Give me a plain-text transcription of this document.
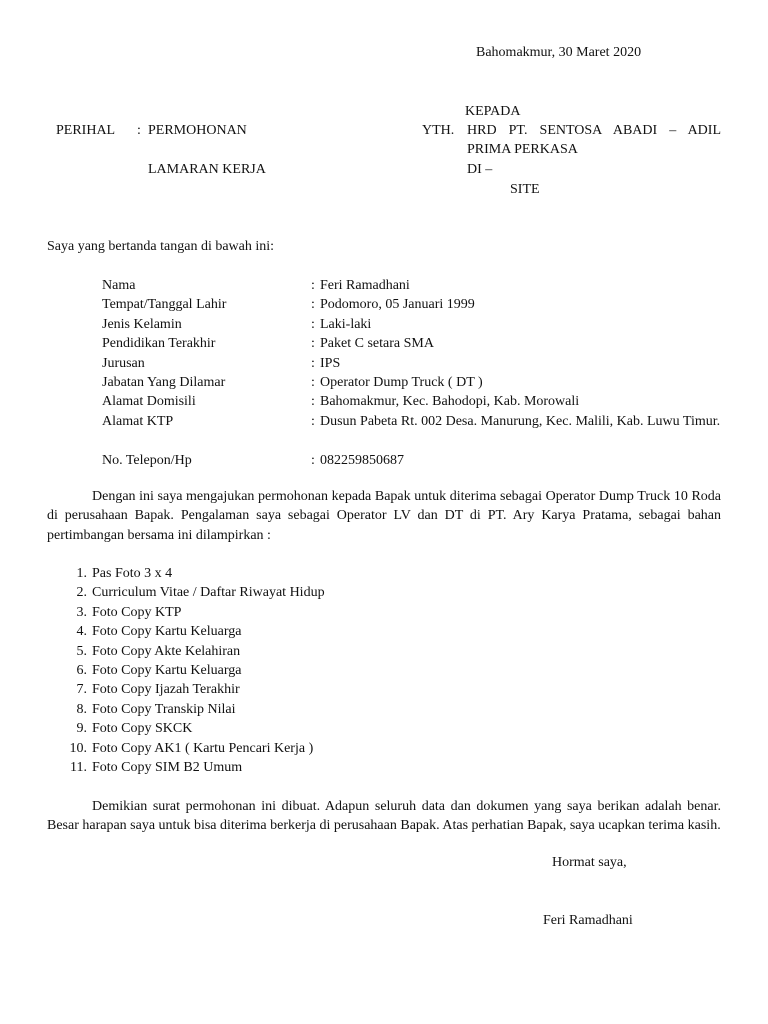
Bahomakmur, 30 Maret 2020
PERIHAL : PERMOHONAN
LAMARAN KERJA
KEPADA
YTH. HRD PT. SENTOSA ABADI – ADIL
PRIMA PERKASA
DI –
SITE
Saya yang bertanda tangan di bawah ini:
Nama	: Feri Ramadhani
Tempat/Tanggal Lahir	: Podomoro, 05 Januari 1999
Jenis Kelamin	: Laki-laki
Pendidikan Terakhir	: Paket C setara SMA
Jurusan	: IPS
Jabatan Yang Dilamar	: Operator Dump Truck ( DT )
Alamat Domisili	: Bahomakmur, Kec. Bahodopi, Kab. Morowali
Alamat KTP	: Dusun Pabeta Rt. 002 Desa. Manurung, Kec. Malili, Kab. Luwu Timur.
No. Telepon/Hp	: 082259850687
Dengan ini saya mengajukan permohonan kepada Bapak untuk diterima sebagai Operator Dump Truck 10 Roda di perusahaan Bapak. Pengalaman saya sebagai Operator LV dan DT di PT. Ary Karya Pratama, sebagai bahan pertimbangan bersama ini dilampirkan :
1. Pas Foto 3 x 4
2. Curriculum Vitae / Daftar Riwayat Hidup
3. Foto Copy KTP
4. Foto Copy Kartu Keluarga
5. Foto Copy Akte Kelahiran
6. Foto Copy Kartu Keluarga
7. Foto Copy Ijazah Terakhir
8. Foto Copy Transkip Nilai
9. Foto Copy SKCK
10. Foto Copy AK1 ( Kartu Pencari Kerja )
11. Foto Copy SIM B2 Umum
Demikian surat permohonan ini dibuat. Adapun seluruh data dan dokumen yang saya berikan adalah benar. Besar harapan saya untuk bisa diterima berkerja di perusahaan Bapak. Atas perhatian Bapak, saya ucapkan terima kasih.
Hormat saya,
Feri Ramadhani
